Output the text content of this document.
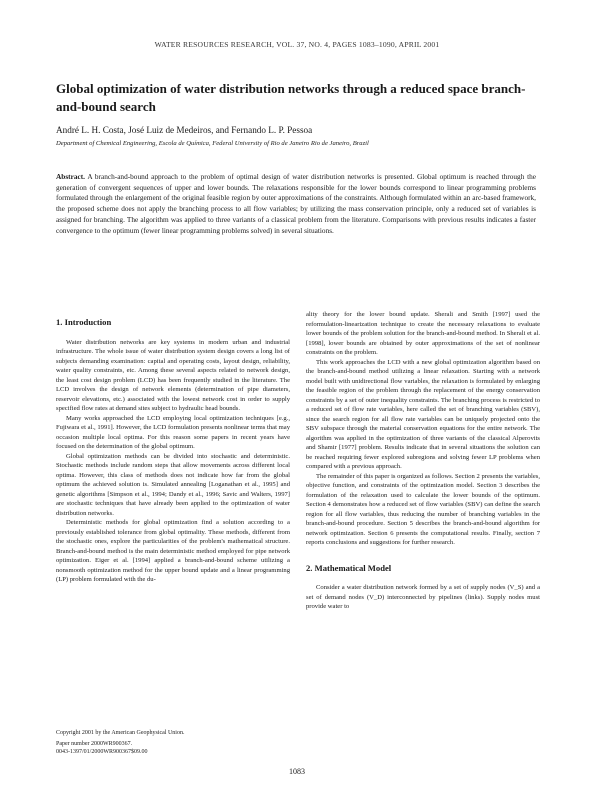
WATER RESOURCES RESEARCH, VOL. 37, NO. 4, PAGES 1083–1090, APRIL 2001
Global optimization of water distribution networks through a reduced space branch-and-bound search
André L. H. Costa, José Luiz de Medeiros, and Fernando L. P. Pessoa
Department of Chemical Engineering, Escola de Química, Federal University of Rio de Janeiro Rio de Janeiro, Brazil
Abstract. A branch-and-bound approach to the problem of optimal design of water distribution networks is presented. Global optimum is reached through the generation of convergent sequences of upper and lower bounds. The relaxations responsible for the lower bounds correspond to linear programming problems formulated through the enlargement of the original feasible region by outer approximations of the constraints. Although formulated within an arc-based framework, the proposed scheme does not apply the branching process to all flow variables; by utilizing the mass conservation principle, only a reduced set of variables is assigned for branching. The algorithm was applied to three variants of a classical problem from the literature. Comparisons with previous results indicates a faster convergence to the optimum (fewer linear programming problems solved) in several situations.
1. Introduction

Water distribution networks are key systems in modern urban and industrial infrastructure. The whole issue of water distribution system design covers a long list of subjects demanding examination: capital and operating costs, layout design, reliability, water quality constraints, etc. Among these several aspects related to network design, the least cost design problem (LCD) has been frequently studied in the literature. The LCD involves the design of network elements (determination of pipe diameters, reservoir elevations, etc.) associated with the lowest network cost in order to supply specified flow rates at demand sites subject to hydraulic head bounds.

Many works approached the LCD employing local optimization techniques [e.g., Fujiwara et al., 1991]. However, the LCD formulation presents nonlinear terms that may occasion multiple local optima. For this reason some papers in recent years have focused on the determination of the global optimum.

Global optimization methods can be divided into stochastic and deterministic. Stochastic methods include random steps that allow movements across different local optima. However, this class of methods does not indicate how far from the global optimum the achieved solution is. Simulated annealing [Loganathan et al., 1995] and genetic algorithms [Simpson et al., 1994; Dandy et al., 1996; Savic and Walters, 1997] are stochastic techniques that have already been applied to the optimization of water distribution networks.

Deterministic methods for global optimization find a solution according to a previously established tolerance from global optimality. These methods, different from the stochastic ones, explore the particularities of the problem's mathematical structure. Branch-and-bound method is the main deterministic method employed for pipe network optimization. Eiger et al. [1994] applied a branch-and-bound scheme utilizing a nonsmooth optimization method for the upper bound update and a linear programming (LP) problem formulated with the du-

ality theory for the lower bound update. Sherali and Smith [1997] used the reformulation-linearization technique to create the necessary relaxations to evaluate lower bounds of the problem solution for the branch-and-bound method. In Sherali et al. [1998], lower bounds are obtained by outer approximations of the set of nonlinear constraints on the problem.

This work approaches the LCD with a new global optimization algorithm based on the branch-and-bound method utilizing a linear relaxation. Starting with a network model built with unidirectional flow variables, the relaxation is formulated by enlarging the feasible region of the problem through the replacement of the energy conservation constraints by a set of outer inequality constraints. The branching process is restricted to a reduced set of flow rate variables, here called the set of branching variables (SBV), since the search region for all flow rate variables can be uniquely projected onto the SBV subspace through the material conservation equations for the entire network. The algorithm was applied in the optimization of three variants of the classical Alperovits and Shamir [1977] problem. Results indicate that in several situations the solution can be reached requiring fewer explored subregions and solving fewer LP problems when compared with a previous approach.

The remainder of this paper is organized as follows. Section 2 presents the variables, objective function, and constraints of the optimization model. Section 3 describes the formulation of the relaxation used to calculate the lower bounds of the optimum. Section 4 demonstrates how a reduced set of flow variables (SBV) can define the search region for all flow variables, thus reducing the number of branching variables in the branch-and-bound procedure. Section 5 describes the branch-and-bound algorithm for network optimization. Section 6 presents the computational results. Finally, section 7 reports conclusions and suggestions for further research.

2. Mathematical Model

Consider a water distribution network formed by a set of supply nodes (V_S) and a set of demand nodes (V_D) interconnected by pipelines (links). Supply nodes must provide water to

Copyright 2001 by the American Geophysical Union.
Paper number 2000WR900367.
0043-1397/01/2000WR900367$09.00
1083
